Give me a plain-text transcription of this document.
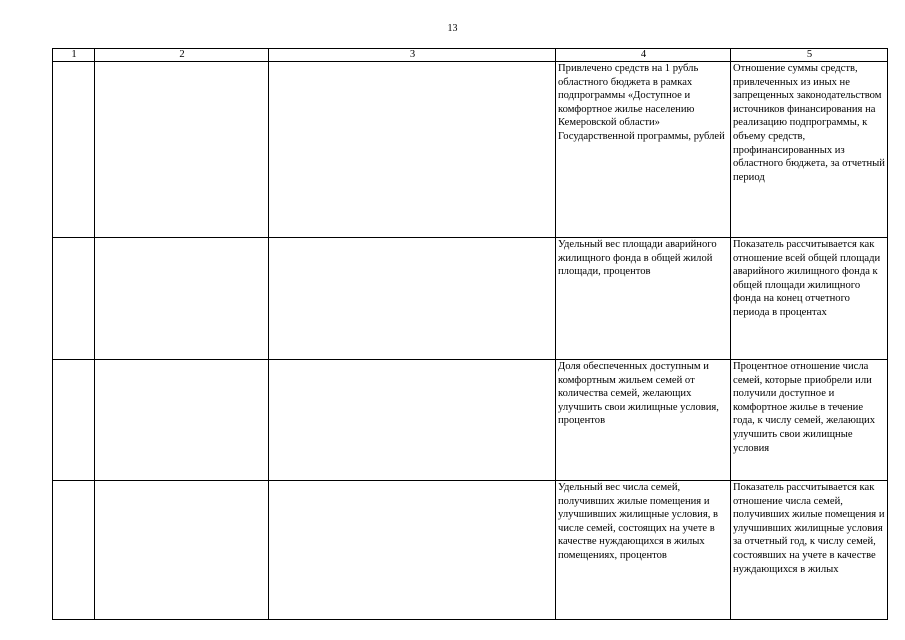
13
1	2	3	4	5
			Привлечено средств на 1 рубль областного бюджета в рамках подпрограммы «Доступное и комфортное жилье населению Кемеровской области» Государственной программы, рублей	Отношение суммы средств, привлеченных из иных не запрещенных законодательством источников финансирования на реализацию подпрограммы, к объему средств, профинансированных из областного бюджета, за отчетный период
			Удельный вес площади аварийного жилищного фонда в общей жилой площади, процентов	Показатель рассчитывается как отношение всей общей площади аварийного жилищного фонда к общей площади жилищного фонда на конец отчетного периода в процентах
			Доля обеспеченных доступным и комфортным жильем семей от количества семей, желающих улучшить свои жилищные условия, процентов	Процентное отношение числа семей, которые приобрели или получили доступное и комфортное жилье в течение года, к числу семей, желающих улучшить свои жилищные условия
			Удельный вес числа семей, получивших жилые помещения и улучшивших жилищные условия, в числе семей, состоящих на учете в качестве нуждающихся в жилых помещениях, процентов	Показатель рассчитывается как отношение числа семей, получивших жилые помещения и улучшивших жилищные условия за отчетный год, к числу семей, состоявших на учете в качестве нуждающихся в жилых
